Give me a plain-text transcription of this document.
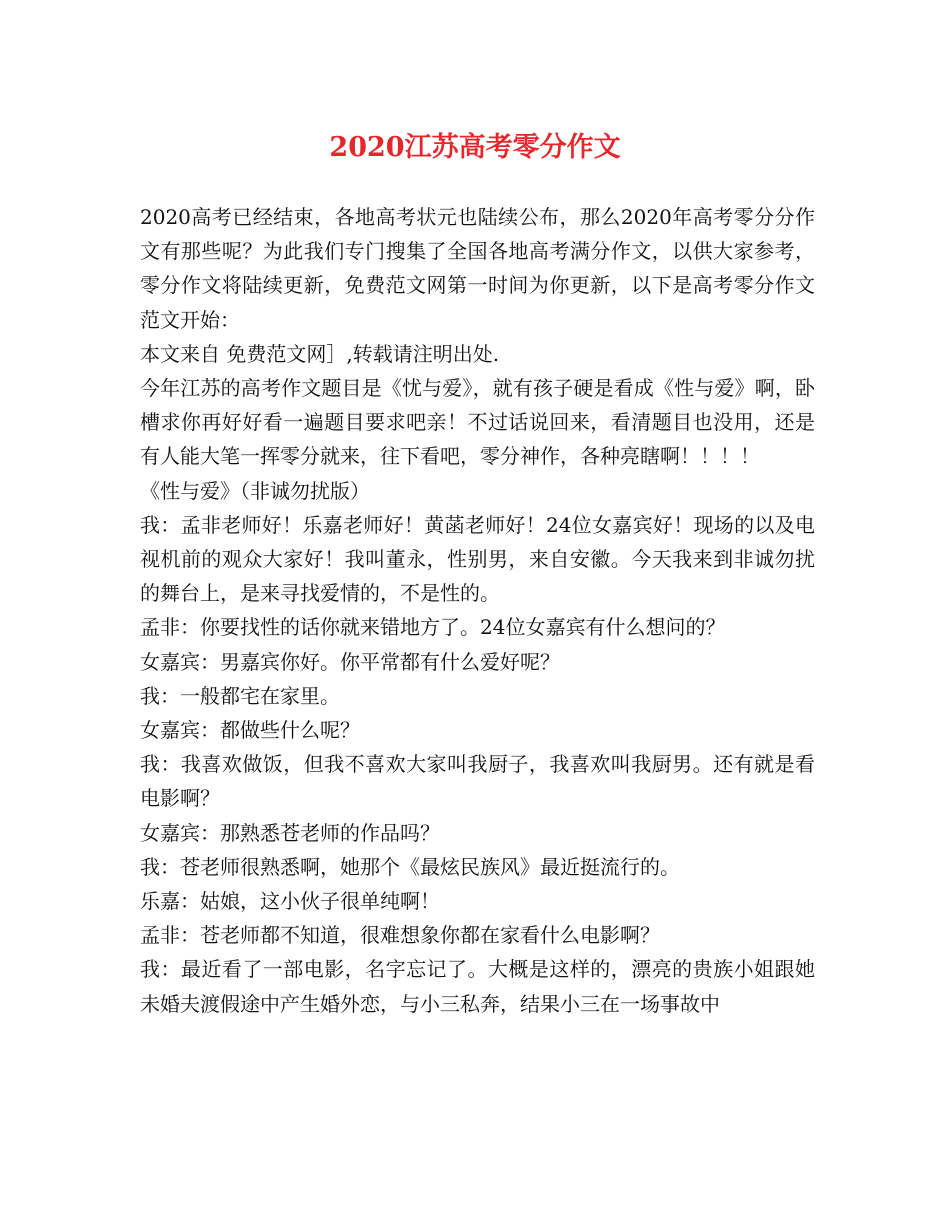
2020江苏高考零分作文

2020高考已经结束，各地高考状元也陆续公布，那么2020年高考零分分作文有那些呢？为此我们专门搜集了全国各地高考满分作文，以供大家参考，零分作文将陆续更新，免费范文网第一时间为你更新，以下是高考零分作文范文开始：

本文来自 免费范文网］,转载请注明出处.

今年江苏的高考作文题目是《忧与爱》，就有孩子硬是看成《性与爱》啊，卧槽求你再好好看一遍题目要求吧亲！不过话说回来，看清题目也没用，还是有人能大笔一挥零分就来，往下看吧，零分神作，各种亮瞎啊！！！！

《性与爱》（非诚勿扰版）

我：孟非老师好！乐嘉老师好！黄菡老师好！24位女嘉宾好！现场的以及电视机前的观众大家好！我叫董永，性别男，来自安徽。今天我来到非诚勿扰的舞台上，是来寻找爱情的，不是性的。

孟非：你要找性的话你就来错地方了。24位女嘉宾有什么想问的？

女嘉宾：男嘉宾你好。你平常都有什么爱好呢？

我：一般都宅在家里。

女嘉宾：都做些什么呢？

我：我喜欢做饭，但我不喜欢大家叫我厨子，我喜欢叫我厨男。还有就是看电影啊？

女嘉宾：那熟悉苍老师的作品吗？

我：苍老师很熟悉啊，她那个《最炫民族风》最近挺流行的。

乐嘉：姑娘，这小伙子很单纯啊！

孟非：苍老师都不知道，很难想象你都在家看什么电影啊？

我：最近看了一部电影，名字忘记了。大概是这样的，漂亮的贵族小姐跟她未婚夫渡假途中产生婚外恋，与小三私奔，结果小三在一场事故中
